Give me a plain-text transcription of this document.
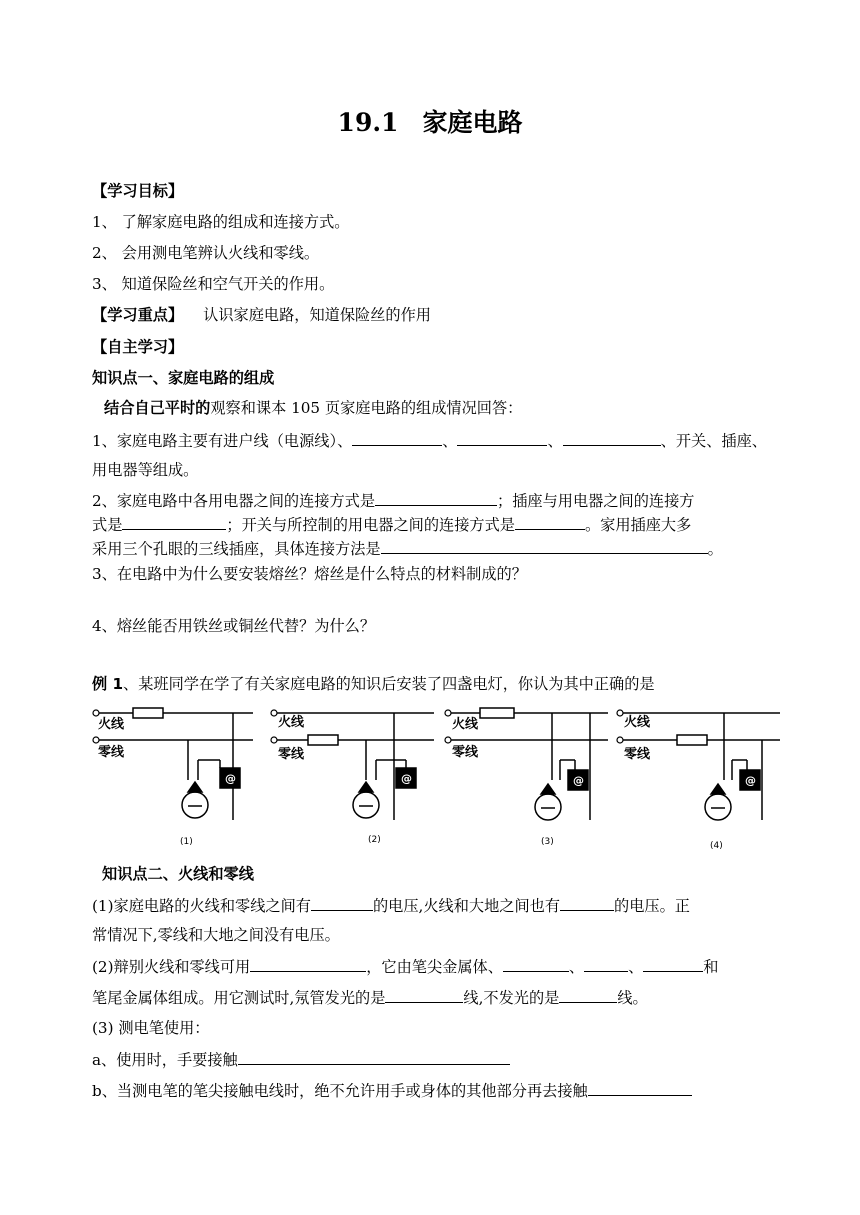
19.1 家庭电路
【学习目标】
1、 了解家庭电路的组成和连接方式。
2、 会用测电笔辨认火线和零线。
3、 知道保险丝和空气开关的作用。
【学习重点】 认识家庭电路，知道保险丝的作用
【自主学习】
知识点一、家庭电路的组成
结合自己平时的观察和课本 105 页家庭电路的组成情况回答：
1、家庭电路主要有进户线（电源线）、	、	、	、开关、插座、
用电器等组成。
2、家庭电路中各用电器之间的连接方式是	；插座与用电器之间的连接方
式是	；开关与所控制的用电器之间的连接方式是	。家用插座大多
采用三个孔眼的三线插座，具体连接方法是	。
3、在电路中为什么要安装熔丝？熔丝是什么特点的材料制成的？
4、熔丝能否用铁丝或铜丝代替？为什么？
例 1、某班同学在学了有关家庭电路的知识后安装了四盏电灯，你认为其中正确的是
@	@	@	@
火线
零线
火线
零线
火线
零线
火线
零线
(1)	(2)	(3)	(4)
知识点二、火线和零线
(1)家庭电路的火线和零线之间有	的电压,火线和大地之间也有	的电压。正
常情况下,零线和大地之间没有电压。
(2)辩别火线和零线可用	，它由笔尖金属体、	、	、	和
笔尾金属体组成。用它测试时,氖管发光的是	线,不发光的是	线。
(3) 测电笔使用：
a、使用时，手要接触
b、当测电笔的笔尖接触电线时，绝不允许用手或身体的其他部分再去接触
